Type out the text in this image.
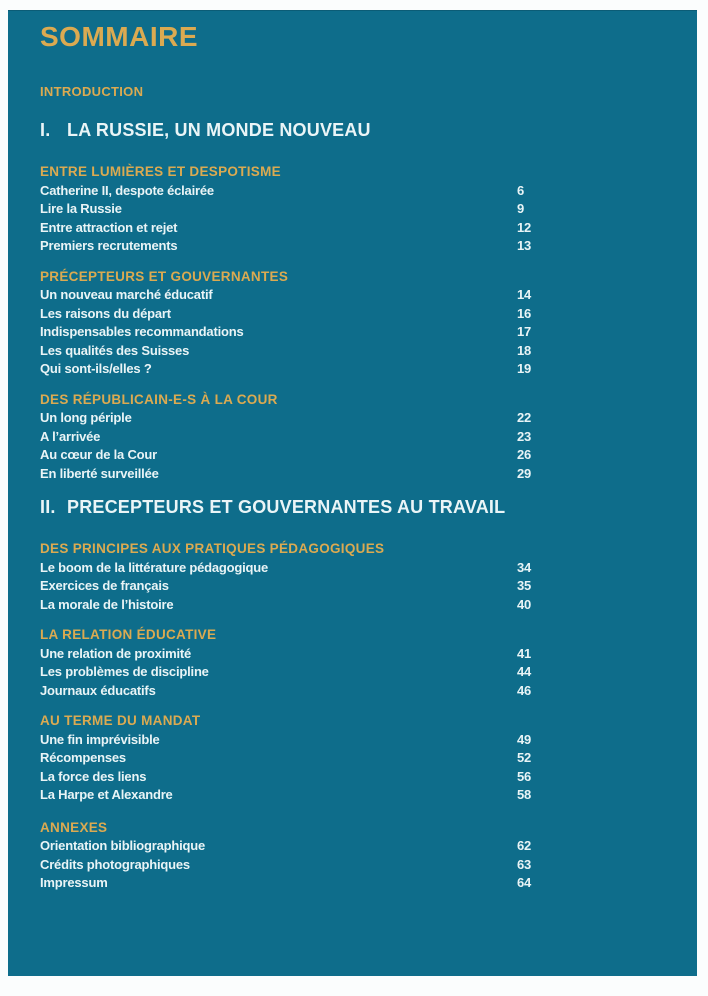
SOMMAIRE
INTRODUCTION
I. LA RUSSIE, UN MONDE NOUVEAU
ENTRE LUMIÈRES ET DESPOTISME
Catherine II, despote éclairée	6
Lire la Russie	9
Entre attraction et rejet	12
Premiers recrutements	13
PRÉCEPTEURS ET GOUVERNANTES
Un nouveau marché éducatif	14
Les raisons du départ	16
Indispensables recommandations	17
Les qualités des Suisses	18
Qui sont-ils/elles ?	19
DES RÉPUBLICAIN-E-S À LA COUR
Un long périple	22
A l’arrivée	23
Au cœur de la Cour	26
En liberté surveillée	29
II. PRECEPTEURS ET GOUVERNANTES AU TRAVAIL
DES PRINCIPES AUX PRATIQUES PÉDAGOGIQUES
Le boom de la littérature pédagogique	34
Exercices de français	35
La morale de l’histoire	40
LA RELATION ÉDUCATIVE
Une relation de proximité	41
Les problèmes de discipline	44
Journaux éducatifs	46
AU TERME DU MANDAT
Une fin imprévisible	49
Récompenses	52
La force des liens	56
La Harpe et Alexandre	58
ANNEXES
Orientation bibliographique	62
Crédits photographiques	63
Impressum	64
